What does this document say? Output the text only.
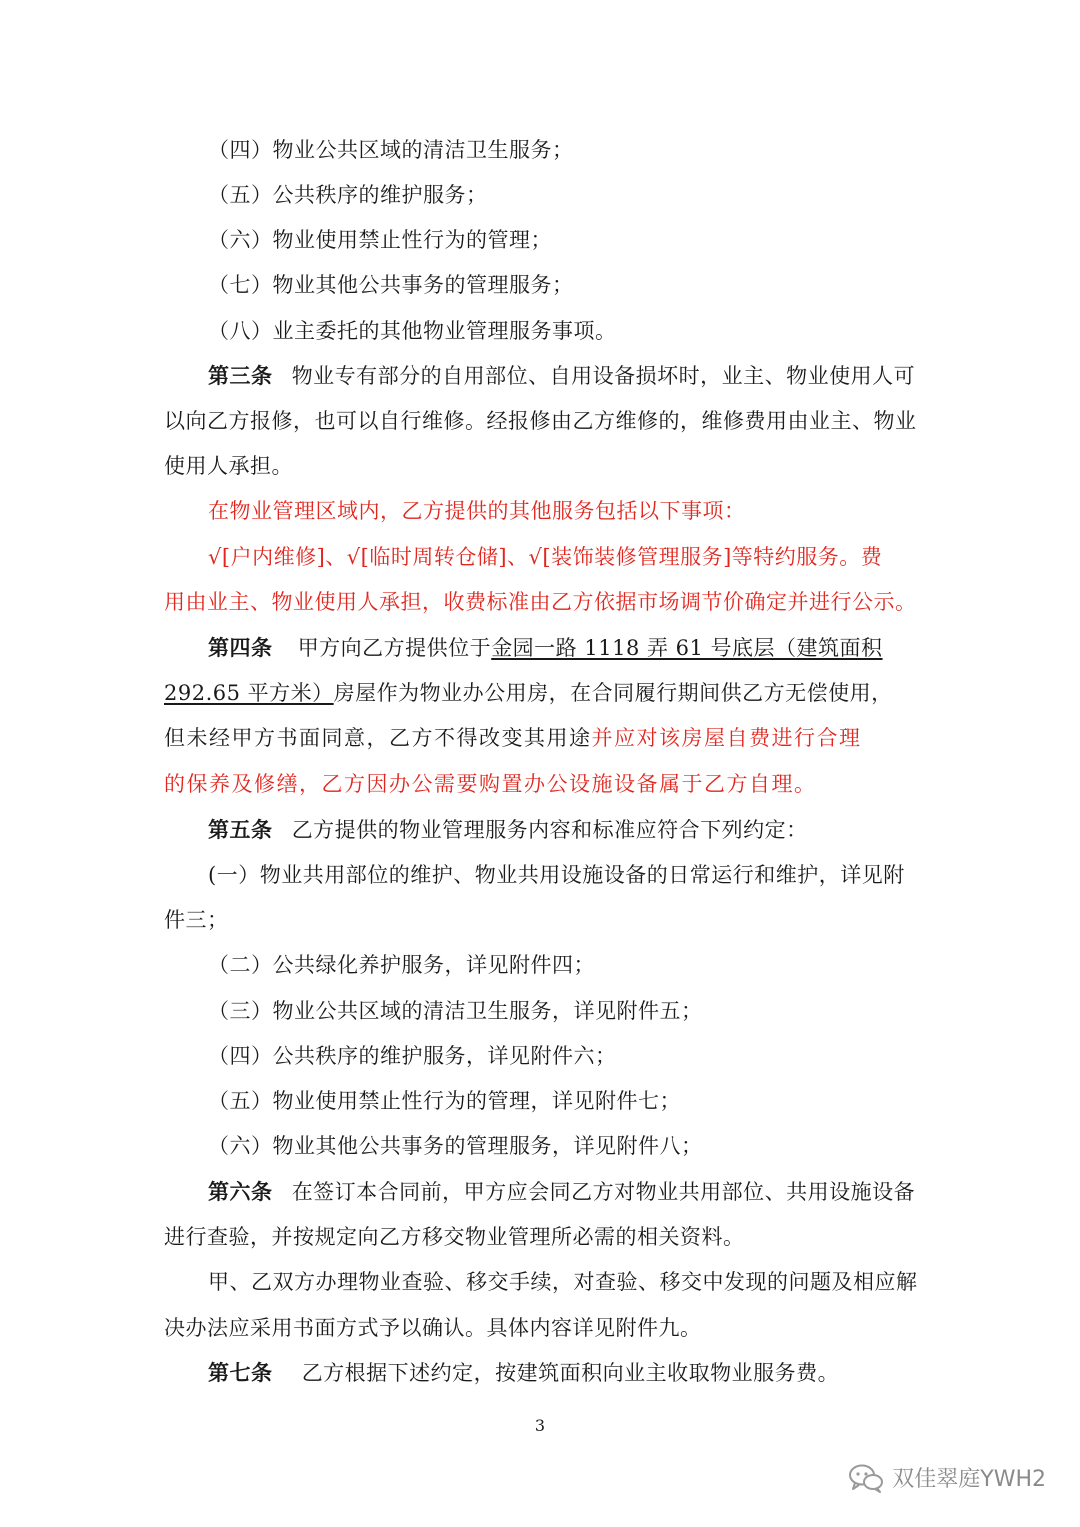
（四）物业公共区域的清洁卫生服务；
（五）公共秩序的维护服务；
（六）物业使用禁止性行为的管理；
（七）物业其他公共事务的管理服务；
（八）业主委托的其他物业管理服务事项。
第三条 物业专有部分的自用部位、自用设备损坏时，业主、物业使用人可
以向乙方报修，也可以自行维修。经报修由乙方维修的，维修费用由业主、物业
使用人承担。
在物业管理区域内，乙方提供的其他服务包括以下事项：
√[户内维修]、√[临时周转仓储]、√[装饰装修管理服务]等特约服务。费
用由业主、物业使用人承担，收费标准由乙方依据市场调节价确定并进行公示。
第四条 甲方向乙方提供位于金园一路 1118 弄 61 号底层（建筑面积
292.65 平方米）房屋作为物业办公用房，在合同履行期间供乙方无偿使用，
但未经甲方书面同意，乙方不得改变其用途并应对该房屋自费进行合理
的保养及修缮，乙方因办公需要购置办公设施设备属于乙方自理。
第五条 乙方提供的物业管理服务内容和标准应符合下列约定：
(一）物业共用部位的维护、物业共用设施设备的日常运行和维护，详见附
件三；
（二）公共绿化养护服务，详见附件四；
（三）物业公共区域的清洁卫生服务，详见附件五；
（四）公共秩序的维护服务，详见附件六；
（五）物业使用禁止性行为的管理，详见附件七；
（六）物业其他公共事务的管理服务，详见附件八；
第六条 在签订本合同前，甲方应会同乙方对物业共用部位、共用设施设备
进行查验，并按规定向乙方移交物业管理所必需的相关资料。
甲、乙双方办理物业查验、移交手续，对查验、移交中发现的问题及相应解
决办法应采用书面方式予以确认。具体内容详见附件九。
第七条 乙方根据下述约定，按建筑面积向业主收取物业服务费。
3
双佳翠庭YWH2
